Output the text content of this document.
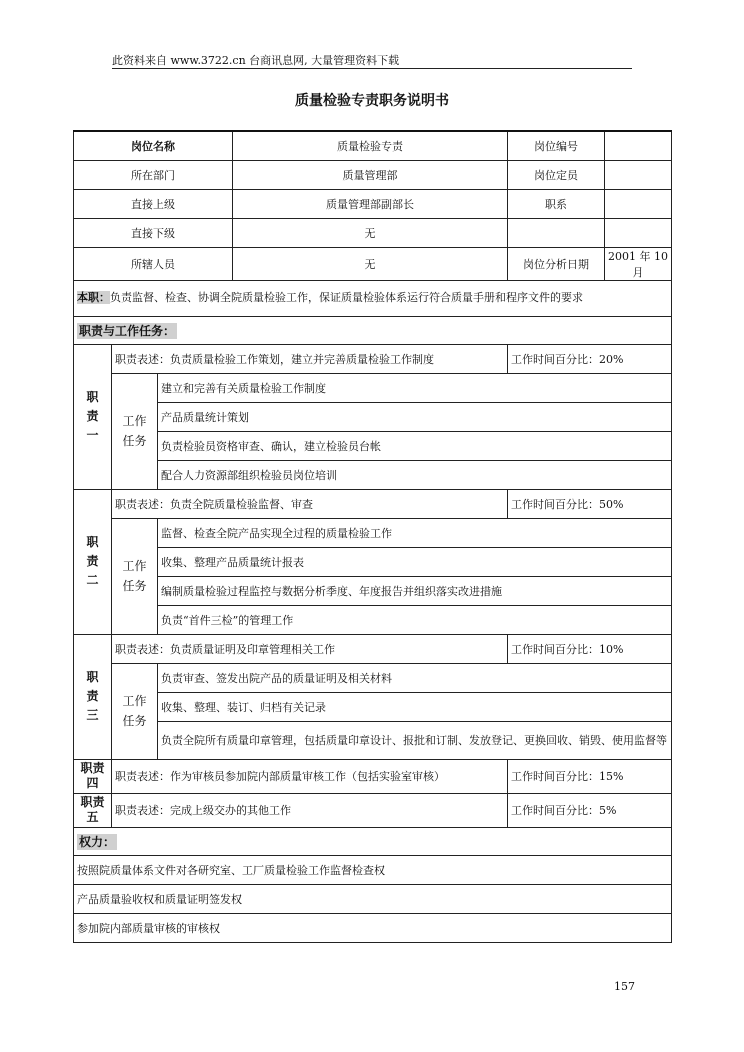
此资料来自 www.3722.cn 台商讯息网, 大量管理资料下载
质量检验专责职务说明书
岗位名称			质量检验专责	岗位编号	
所在部门			质量管理部	岗位定员	
直接上级			质量管理部副部长	职系	
直接下级			无		
所辖人员			无	岗位分析日期	2001 年 10 月
本职：负责监督、检查、协调全院质量检验工作，保证质量检验体系运行符合质量手册和程序文件的要求					
职责与工作任务：					
职责一	职责表述：负责质量检验工作策划，建立并完善质量检验工作制度			工作时间百分比：20%	
	工作任务	建立和完善有关质量检验工作制度			
		产品质量统计策划			
		负责检验员资格审查、确认，建立检验员台帐			
		配合人力资源部组织检验员岗位培训			
职责二	职责表述：负责全院质量检验监督、审查			工作时间百分比：50%	
	工作任务	监督、检查全院产品实现全过程的质量检验工作			
		收集、整理产品质量统计报表			
		编制质量检验过程监控与数据分析季度、年度报告并组织落实改进措施			
		负责“首件三检”的管理工作			
职责三	职责表述：负责质量证明及印章管理相关工作			工作时间百分比：10%	
	工作任务	负责审查、签发出院产品的质量证明及相关材料			
		收集、整理、装订、归档有关记录			
		负责全院所有质量印章管理，包括质量印章设计、报批和订制、发放登记、更换回收、销毁、使用监督等			
职责四	职责表述：作为审核员参加院内部质量审核工作（包括实验室审核）			工作时间百分比：15%	
职责五	职责表述：完成上级交办的其他工作			工作时间百分比：5%	
权力：					
按照院质量体系文件对各研究室、工厂质量检验工作监督检查权					
产品质量验收权和质量证明签发权					
参加院内部质量审核的审核权					
157
